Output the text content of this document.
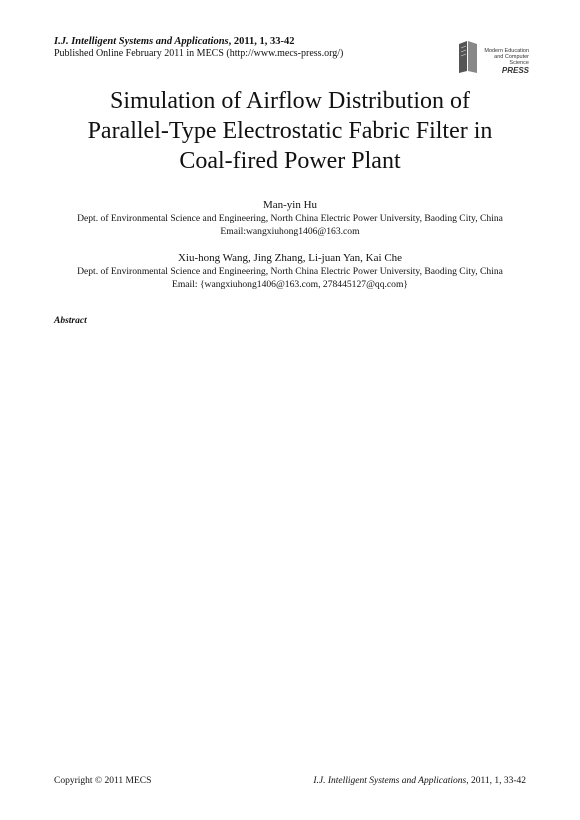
I.J. Intelligent Systems and Applications, 2011, 1, 33-42
Published Online February 2011 in MECS (http://www.mecs-press.org/)	Modern Education
and Computer Science
PRESS
Simulation of Airflow Distribution of
Parallel-Type Electrostatic Fabric Filter in
Coal-fired Power Plant
Man-yin Hu
Dept. of Environmental Science and Engineering, North China Electric Power University, Baoding City, China
Email:wangxiuhong1406@163.com
Xiu-hong Wang, Jing Zhang, Li-juan Yan, Kai Che
Dept. of Environmental Science and Engineering, North China Electric Power University, Baoding City, China
Email: {wangxiuhong1406@163.com, 278445127@qq.com}
Abstract
Copyright © 2011 MECS	I.J. Intelligent Systems and Applications, 2011, 1, 33-42
